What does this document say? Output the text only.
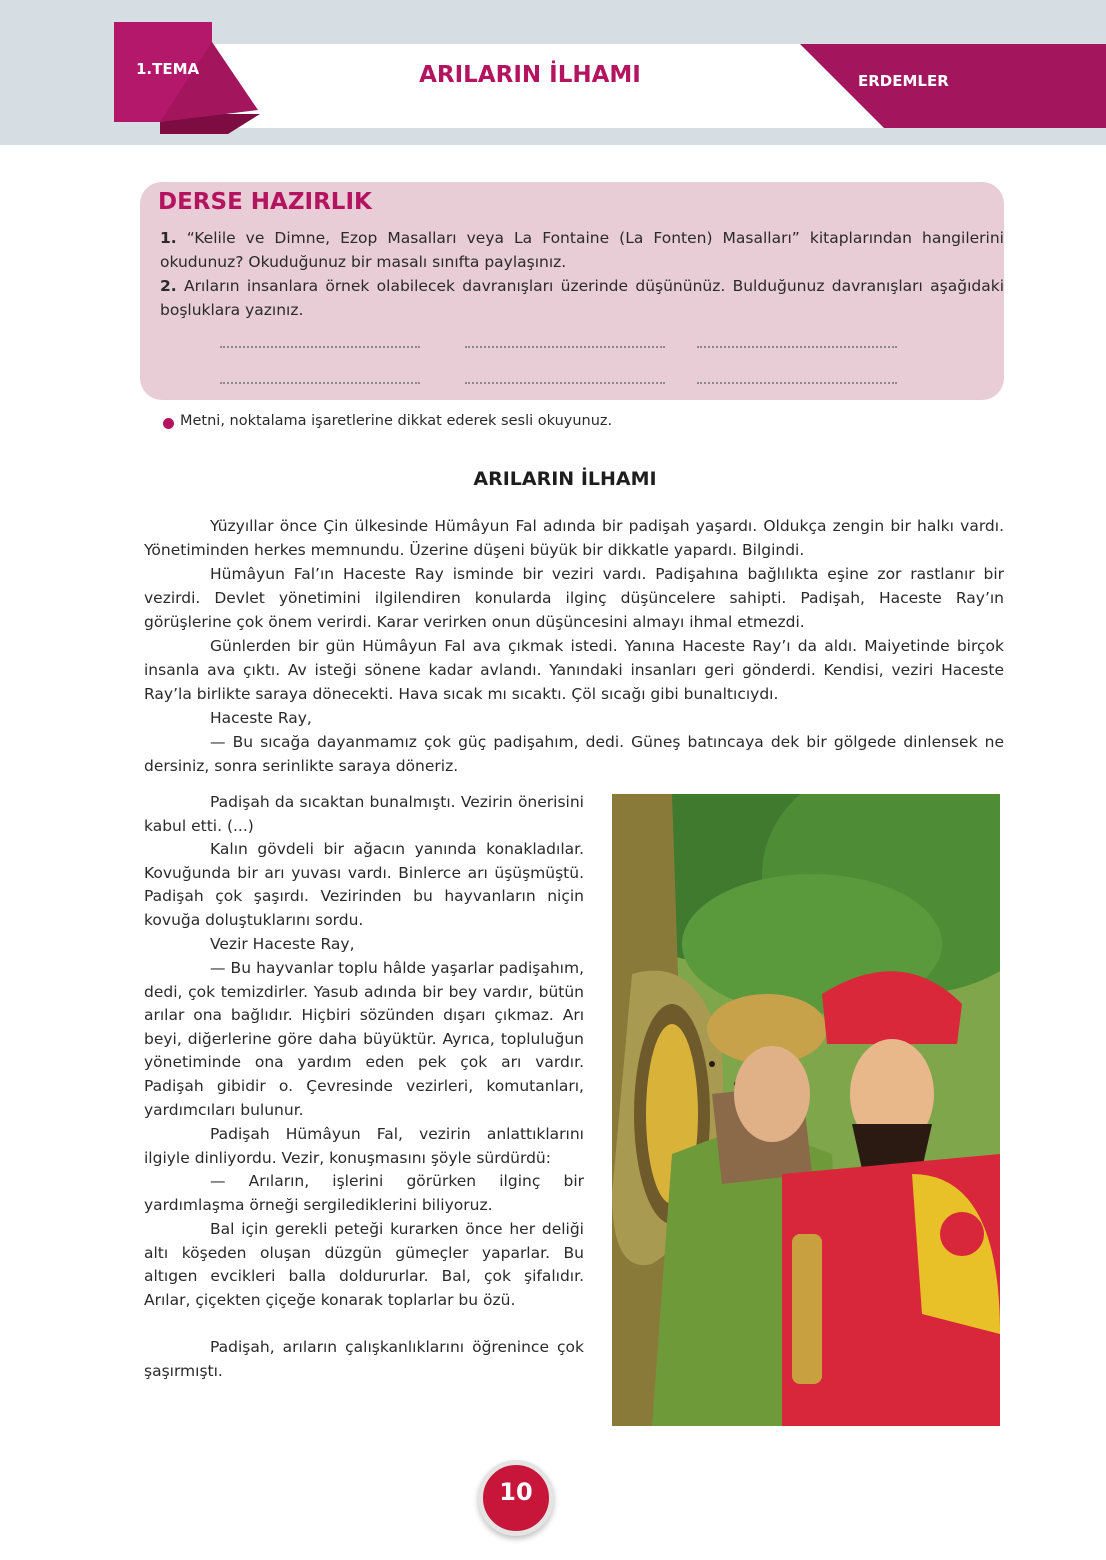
1.TEMA	ARILARIN İLHAMI	ERDEMLER
DERSE HAZIRLIK
1. “Kelile ve Dimne, Ezop Masalları veya La Fontaine (La Fonten) Masalları” kitaplarından hangilerini okudunuz? Okuduğunuz bir masalı sınıfta paylaşınız.
2. Arıların insanlara örnek olabilecek davranışları üzerinde düşününüz. Bulduğunuz davranışları aşağıdaki boşluklara yazınız.
Metni, noktalama işaretlerine dikkat ederek sesli okuyunuz.
ARILARIN İLHAMI
Yüzyıllar önce Çin ülkesinde Hümâyun Fal adında bir padişah yaşardı. Oldukça zengin bir halkı vardı. Yönetiminden herkes memnundu. Üzerine düşeni büyük bir dikkatle yapardı. Bilgindi.
Hümâyun Fal’ın Haceste Ray isminde bir veziri vardı. Padişahına bağlılıkta eşine zor rastlanır bir vezirdi. Devlet yönetimini ilgilendiren konularda ilginç düşüncelere sahipti. Padişah, Haceste Ray’ın görüşlerine çok önem verirdi. Karar verirken onun düşüncesini almayı ihmal etmezdi.
Günlerden bir gün Hümâyun Fal ava çıkmak istedi. Yanına Haceste Ray’ı da aldı. Maiyetinde birçok insanla ava çıktı. Av isteği sönene kadar avlandı. Yanındaki insanları geri gönderdi. Kendisi, veziri Haceste Ray’la birlikte saraya dönecekti. Hava sıcak mı sıcaktı. Çöl sıcağı gibi bunaltıcıydı.
Haceste Ray,
— Bu sıcağa dayanmamız çok güç padişahım, dedi. Güneş batıncaya dek bir gölgede dinlensek ne dersiniz, sonra serinlikte saraya döneriz.
Padişah da sıcaktan bunalmıştı. Vezirin önerisini kabul etti. (...)
Kalın gövdeli bir ağacın yanında konakladılar. Kovuğunda bir arı yuvası vardı. Binlerce arı üşüşmüştü. Padişah çok şaşırdı. Vezirinden bu hayvanların niçin kovuğa doluştuklarını sordu.
Vezir Haceste Ray,
— Bu hayvanlar toplu hâlde yaşarlar padişahım, dedi, çok temizdirler. Yasub adında bir bey vardır, bütün arılar ona bağlıdır. Hiçbiri sözünden dışarı çıkmaz. Arı beyi, diğerlerine göre daha büyüktür. Ayrıca, topluluğun yönetiminde ona yardım eden pek çok arı vardır. Padişah gibidir o. Çevresinde vezirleri, komutanları, yardımcıları bulunur.
Padişah Hümâyun Fal, vezirin anlattıklarını ilgiyle dinliyordu. Vezir, konuşmasını şöyle sürdürdü:
— Arıların, işlerini görürken ilginç bir yardımlaşma örneği sergilediklerini biliyoruz.
Bal için gerekli peteği kurarken önce her deliği altı köşeden oluşan düzgün gümeçler yaparlar. Bu altıgen evcikleri balla doldururlar. Bal, çok şifalıdır. Arılar, çiçekten çiçeğe konarak toplarlar bu özü.
Padişah, arıların çalışkanlıklarını öğrenince çok şaşırmıştı.
10
